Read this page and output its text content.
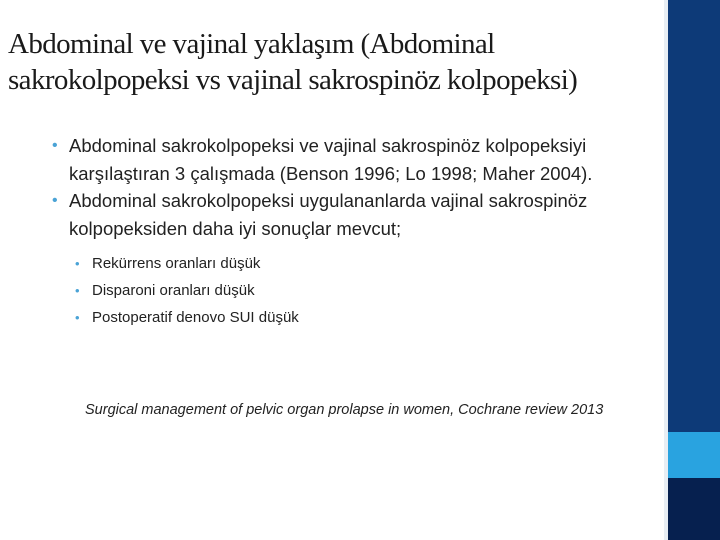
Abdominal ve vajinal yaklaşım (Abdominal sakrokolpopeksi vs vajinal sakrospinöz kolpopeksi)
• Abdominal sakrokolpopeksi ve vajinal sakrospinöz kolpopeksiyi karşılaştıran 3 çalışmada (Benson 1996; Lo 1998; Maher 2004).
• Abdominal sakrokolpopeksi uygulananlarda vajinal sakrospinöz kolpopeksiden daha iyi sonuçlar mevcut;
• Rekürrens oranları düşük
• Disparoni oranları düşük
• Postoperatif denovo SUI düşük

Surgical management of pelvic organ prolapse in women, Cochrane review 2013
